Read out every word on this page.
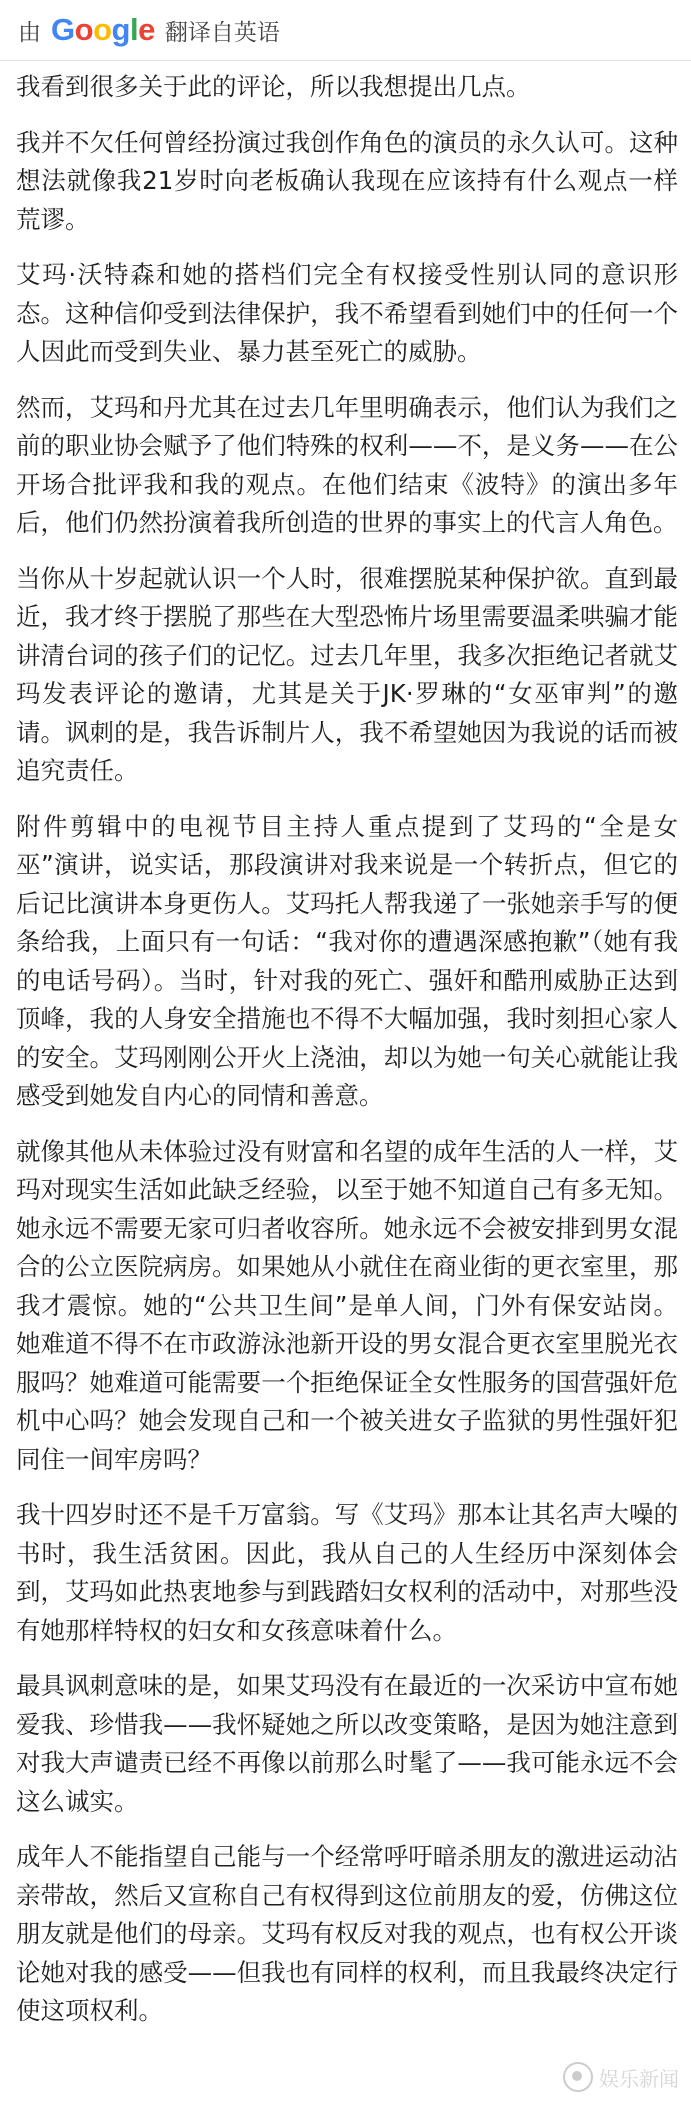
由 Google 翻译自英语

我看到很多关于此的评论，所以我想提出几点。

我并不欠任何曾经扮演过我创作角色的演员的永久认可。这种想法就像我21岁时向老板确认我现在应该持有什么观点一样荒谬。

艾玛·沃特森和她的搭档们完全有权接受性别认同的意识形态。这种信仰受到法律保护，我不希望看到她们中的任何一个人因此而受到失业、暴力甚至死亡的威胁。

然而，艾玛和丹尤其在过去几年里明确表示，他们认为我们之前的职业协会赋予了他们特殊的权利——不，是义务——在公开场合批评我和我的观点。在他们结束《波特》的演出多年后，他们仍然扮演着我所创造的世界的事实上的代言人角色。

当你从十岁起就认识一个人时，很难摆脱某种保护欲。直到最近，我才终于摆脱了那些在大型恐怖片场里需要温柔哄骗才能讲清台词的孩子们的记忆。过去几年里，我多次拒绝记者就艾玛发表评论的邀请，尤其是关于JK·罗琳的“女巫审判”的邀请。讽刺的是，我告诉制片人，我不希望她因为我说的话而被追究责任。

附件剪辑中的电视节目主持人重点提到了艾玛的“全是女巫”演讲，说实话，那段演讲对我来说是一个转折点，但它的后记比演讲本身更伤人。艾玛托人帮我递了一张她亲手写的便条给我，上面只有一句话：“我对你的遭遇深感抱歉”（她有我的电话号码）。当时，针对我的死亡、强奸和酷刑威胁正达到顶峰，我的人身安全措施也不得不大幅加强，我时刻担心家人的安全。艾玛刚刚公开火上浇油，却以为她一句关心就能让我感受到她发自内心的同情和善意。

就像其他从未体验过没有财富和名望的成年生活的人一样，艾玛对现实生活如此缺乏经验，以至于她不知道自己有多无知。她永远不需要无家可归者收容所。她永远不会被安排到男女混合的公立医院病房。如果她从小就住在商业街的更衣室里，那我才震惊。她的“公共卫生间”是单人间，门外有保安站岗。她难道不得不在市政游泳池新开设的男女混合更衣室里脱光衣服吗？她难道可能需要一个拒绝保证全女性服务的国营强奸危机中心吗？她会发现自己和一个被关进女子监狱的男性强奸犯同住一间牢房吗？

我十四岁时还不是千万富翁。写《艾玛》那本让其名声大噪的书时，我生活贫困。因此，我从自己的人生经历中深刻体会到，艾玛如此热衷地参与到践踏妇女权利的活动中，对那些没有她那样特权的妇女和女孩意味着什么。

最具讽刺意味的是，如果艾玛没有在最近的一次采访中宣布她爱我、珍惜我——我怀疑她之所以改变策略，是因为她注意到对我大声谴责已经不再像以前那么时髦了——我可能永远不会这么诚实。

成年人不能指望自己能与一个经常呼吁暗杀朋友的激进运动沾亲带故，然后又宣称自己有权得到这位前朋友的爱，仿佛这位朋友就是他们的母亲。艾玛有权反对我的观点，也有权公开谈论她对我的感受——但我也有同样的权利，而且我最终决定行使这项权利。

娱乐新闻
